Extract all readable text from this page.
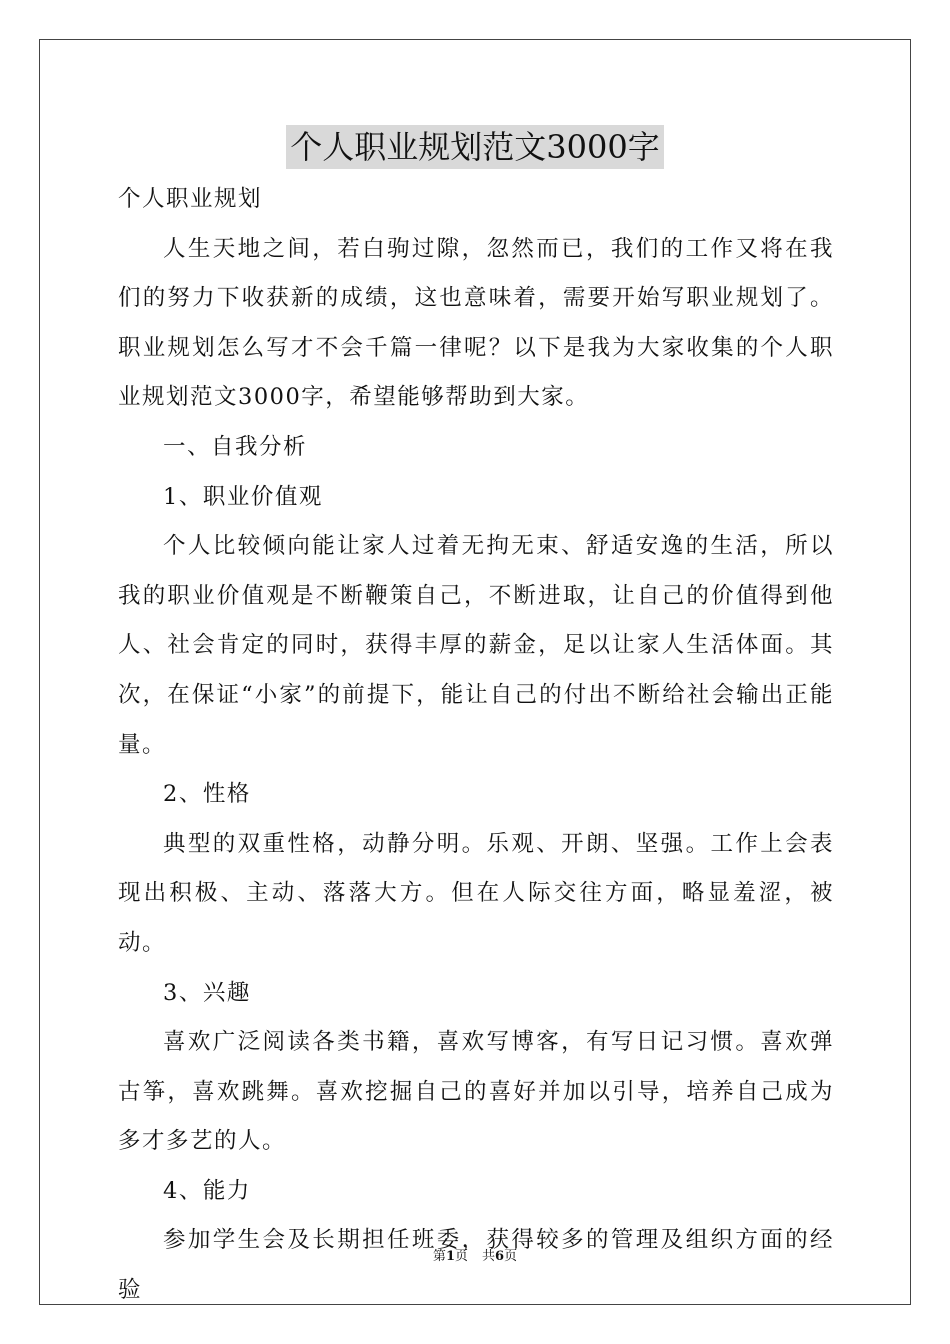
个人职业规划范文3000字

个人职业规划

人生天地之间，若白驹过隙，忽然而已，我们的工作又将在我们的努力下收获新的成绩，这也意味着，需要开始写职业规划了。职业规划怎么写才不会千篇一律呢？以下是我为大家收集的个人职业规划范文3000字，希望能够帮助到大家。

一、自我分析

1、职业价值观

个人比较倾向能让家人过着无拘无束、舒适安逸的生活，所以我的职业价值观是不断鞭策自己，不断进取，让自己的价值得到他人、社会肯定的同时，获得丰厚的薪金，足以让家人生活体面。其次，在保证“小家”的前提下，能让自己的付出不断给社会输出正能量。

2、性格

典型的双重性格，动静分明。乐观、开朗、坚强。工作上会表现出积极、主动、落落大方。但在人际交往方面，略显羞涩，被动。

3、兴趣

喜欢广泛阅读各类书籍，喜欢写博客，有写日记习惯。喜欢弹古筝，喜欢跳舞。喜欢挖掘自己的喜好并加以引导，培养自己成为多才多艺的人。

4、能力

参加学生会及长期担任班委，获得较多的管理及组织方面的经验

第1页 共6页
